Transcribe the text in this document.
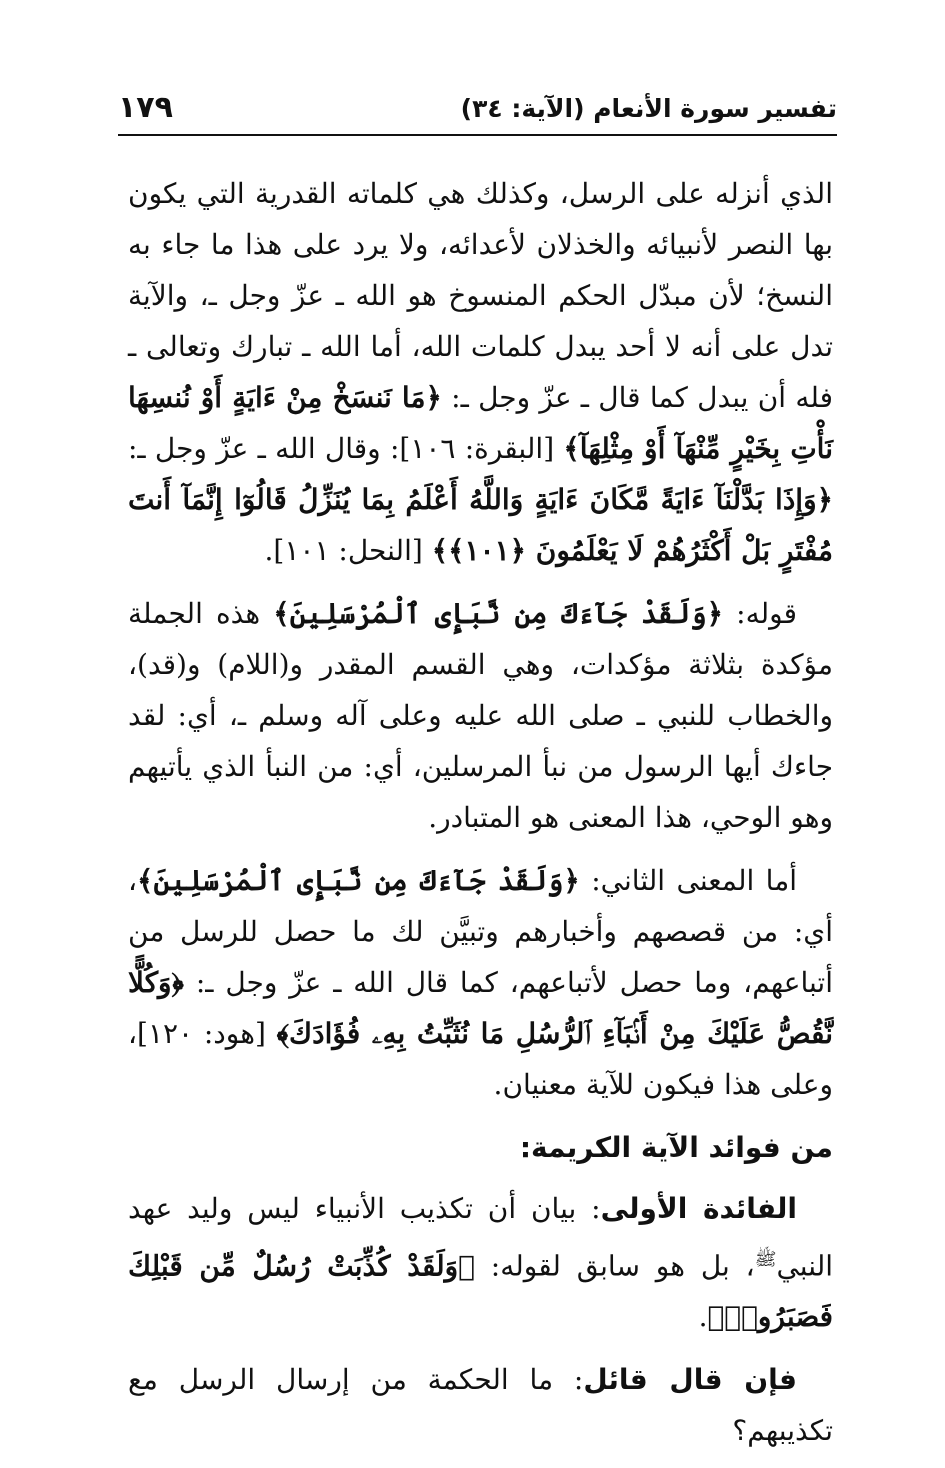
تفسير سورة الأنعام (الآية: ٣٤)
١٧٩

الذي أنزله على الرسل، وكذلك هي كلماته القدرية التي يكون بها النصر لأنبيائه والخذلان لأعدائه، ولا يرد على هذا ما جاء به النسخ؛ لأن مبدّل الحكم المنسوخ هو الله ـ عزّ وجل ـ، والآية تدل على أنه لا أحد يبدل كلمات الله، أما الله ـ تبارك وتعالى ـ فله أن يبدل كما قال ـ عزّ وجل ـ: ﴿مَا نَنسَخْ مِنْ ءَايَةٍ أَوْ نُنسِهَا نَأْتِ بِخَيْرٍ مِّنْهَآ أَوْ مِثْلِهَآ﴾ [البقرة: ١٠٦]: وقال الله ـ عزّ وجل ـ: ﴿وَإِذَا بَدَّلْنَآ ءَايَةً مَّكَانَ ءَايَةٍ وَاللَّهُ أَعْلَمُ بِمَا يُنَزِّلُ قَالُوٓا إِنَّمَآ أَنتَ مُفْتَرٍ بَلْ أَكْثَرُهُمْ لَا يَعْلَمُونَ ﴿١٠١﴾﴾ [النحل: ١٠١].

قوله: ﴿وَلَقَدْ جَآءَكَ مِن نَّبَإِى ٱلْمُرْسَلِينَ﴾ هذه الجملة مؤكدة بثلاثة مؤكدات، وهي القسم المقدر و(اللام) و(قد)، والخطاب للنبي ـ صلى الله عليه وعلى آله وسلم ـ، أي: لقد جاءك أيها الرسول من نبأ المرسلين، أي: من النبأ الذي يأتيهم وهو الوحي، هذا المعنى هو المتبادر.

أما المعنى الثاني: ﴿وَلَقَدْ جَآءَكَ مِن نَّبَإِى ٱلْمُرْسَلِينَ﴾، أي: من قصصهم وأخبارهم وتبيَّن لك ما حصل للرسل من أتباعهم، وما حصل لأتباعهم، كما قال الله ـ عزّ وجل ـ: ﴿وَكُلًّا نَّقُصُّ عَلَيْكَ مِنْ أَنۢبَآءِ ٱلرُّسُلِ مَا نُثَبِّتُ بِهِۦ فُؤَادَكَ﴾ [هود: ١٢٠]، وعلى هذا فيكون للآية معنيان.

من فوائد الآية الكريمة:

الفائدة الأولى: بيان أن تكذيب الأنبياء ليس وليد عهد النبي$^ﷺ$، بل هو سابق لقوله: ﴿وَلَقَدْ كُذِّبَتْ رُسُلٌ مِّن قَبْلِكَ فَصَبَرُوا۟﴾.

فإن قال قائل: ما الحكمة من إرسال الرسل مع تكذيبهم؟
